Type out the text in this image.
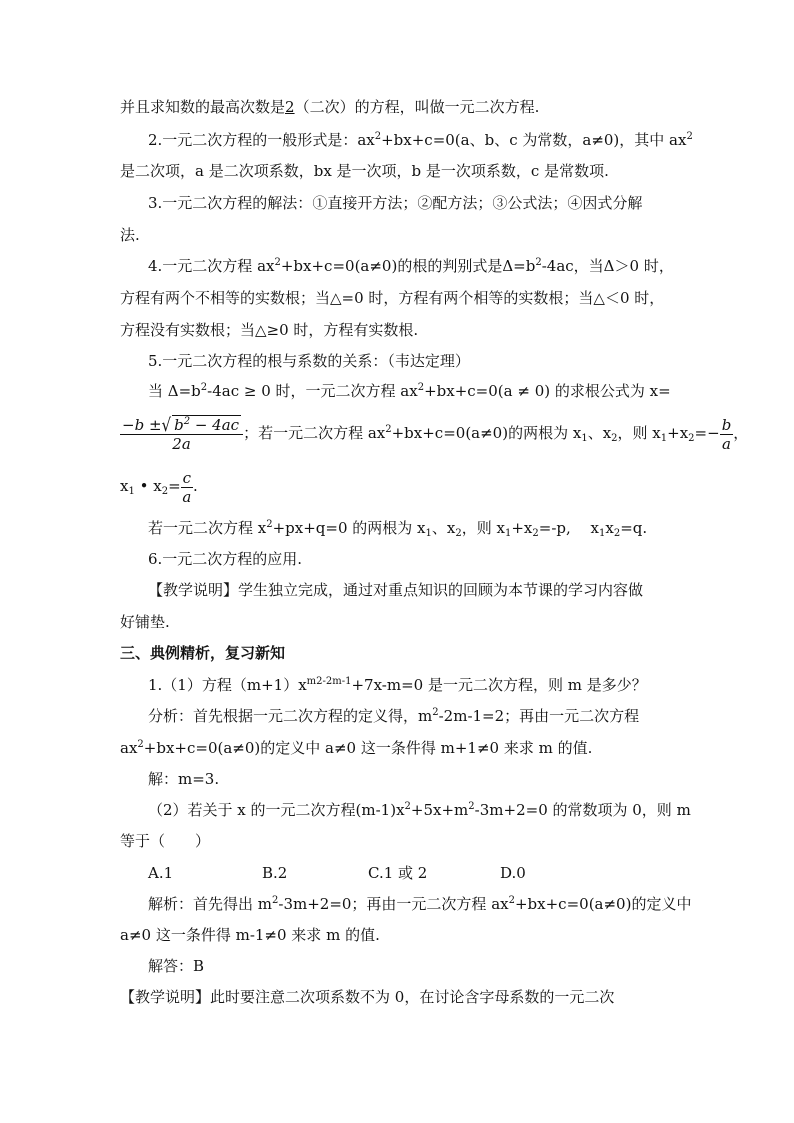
并且求知数的最高次数是2（二次）的方程，叫做一元二次方程.
2.一元二次方程的一般形式是：$ax^2+bx+c=0(a$、b、c 为常数，a≠0)，其中 $ax^2$
是二次项，a 是二次项系数，bx 是一次项，b 是一次项系数，c 是常数项.
3.一元二次方程的解法：①直接开方法；②配方法；③公式法；④因式分解
法.
4.一元二次方程 $ax^2+bx+c=0(a\ne 0)$的根的判别式是$\Delta=b^2-4ac$，当Δ＞0 时，
方程有两个不相等的实数根；当△=0 时，方程有两个相等的实数根；当△＜0 时，
方程没有实数根；当△≥0 时，方程有实数根.
5.一元二次方程的根与系数的关系：（韦达定理）
当 $\Delta=b^2-4ac \ge 0$ 时，一元二次方程 $ax^2+bx+c=0(a \ne 0)$ 的求根公式为 x=
$\frac{-b \pm√ b^2 - 4ac}{2a}$ ；若一元二次方程 $ax^2+bx+c=0(a\ne 0)$的两根为 $x_1$、$x_2$，则 $x_1+x_2=- \frac{b}{a}$ ，
$x_1$ • $x_2= \frac{c}{a}$ .
若一元二次方程 $x^2+px+q=0$ 的两根为 $x_1$、$x_2$，则 $x_1+x_2=-p$,　 $x_1x_2=q$.
6.一元二次方程的应用.
【教学说明】学生独立完成，通过对重点知识的回顾为本节课的学习内容做
好铺垫.
三、典例精析，复习新知
1.（1）方程$(m+1)x^{m2-2m-1}+7x-m=0$ 是一元二次方程，则 m 是多少？
分析：首先根据一元二次方程的定义得，$m^2-2m-1=2$；再由一元二次方程
$ax^2+bx+c=0(a\ne 0)$的定义中 a≠0 这一条件得 m+1≠0 来求 m 的值.
解：m=3.
（2）若关于 x 的一元二次方程$(m-1)x^2+5x+m^2-3m+2=0$ 的常数项为 0，则 m
等于（　　）
A.1	B.2	C.1 或 2	D.0
解析：首先得出 $m^2-3m+2=0$；再由一元二次方程 $ax^2+bx+c=0(a\ne 0)$的定义中
a≠0 这一条件得 m-1≠0 来求 m 的值.
解答：B
【教学说明】此时要注意二次项系数不为 0，在讨论含字母系数的一元二次
